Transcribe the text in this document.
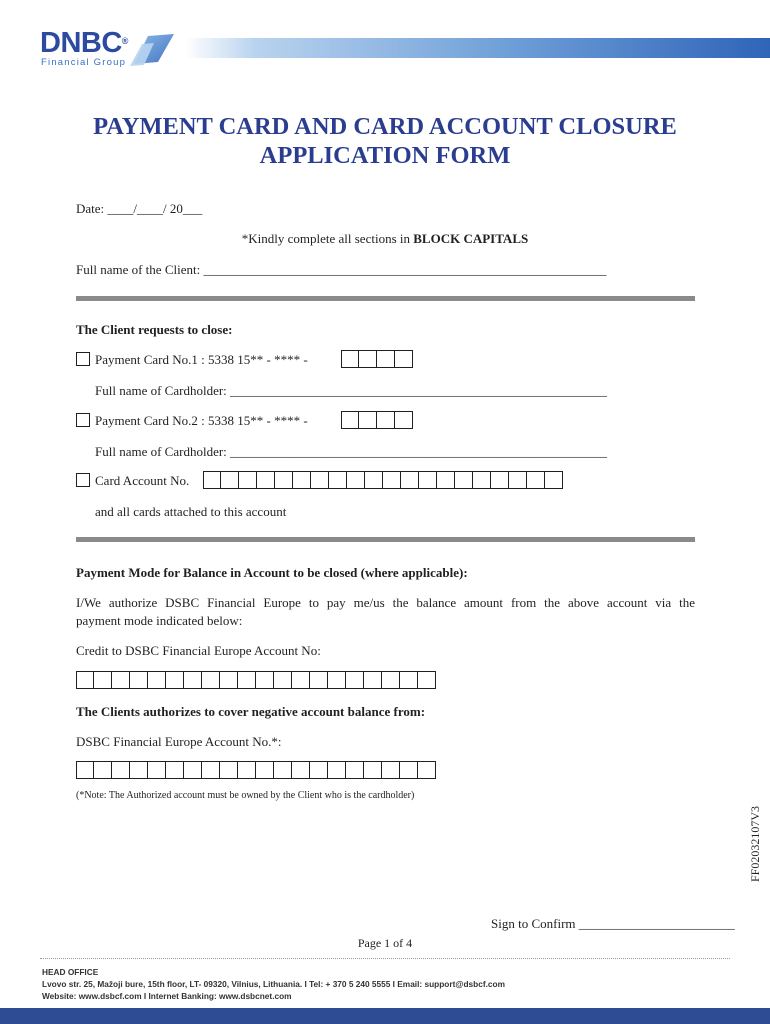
DNBC®
Financial Group
PAYMENT CARD AND CARD ACCOUNT CLOSURE
APPLICATION FORM
Date: ____/____/ 20___
*Kindly complete all sections in BLOCK CAPITALS
Full name of the Client: ______________________________________________________________
The Client requests to close:
Payment Card No.1 : 5338 15** - **** -
Full name of Cardholder: __________________________________________________________
Payment Card No.2 : 5338 15** - **** -
Full name of Cardholder: __________________________________________________________
Card Account No.
and all cards attached to this account
Payment Mode for Balance in Account to be closed (where applicable):
I/We authorize DSBC Financial Europe to pay me/us the balance amount from the above account via the
payment mode indicated below:
Credit to DSBC Financial Europe Account No:
The Clients authorizes to cover negative account balance from:
DSBC Financial Europe Account No.*:
(*Note: The Authorized account must be owned by the Client who is the cardholder)
FF02032107V3
Sign to Confirm ________________________
Page 1 of 4
HEAD OFFICE
Lvovo str. 25, Mažoji bure, 15th floor, LT- 09320, Vilnius, Lithuania. I Tel: + 370 5 240 5555 I Email: support@dsbcf.com
Website: www.dsbcf.com I Internet Banking: www.dsbcnet.com
